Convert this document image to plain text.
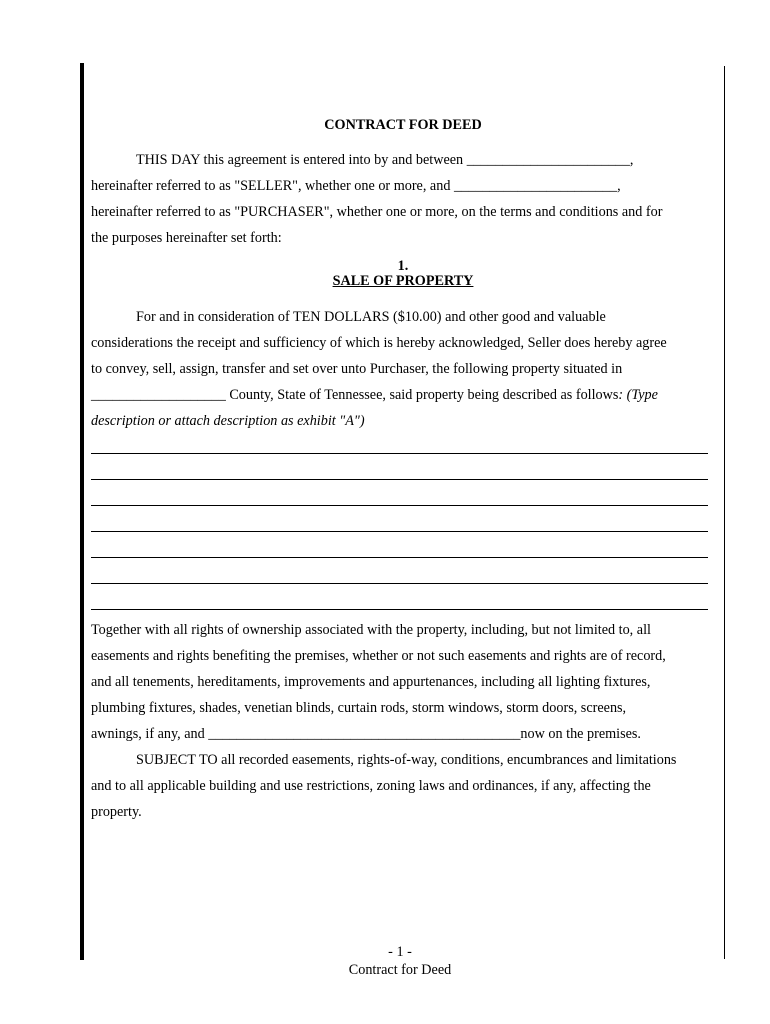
CONTRACT FOR DEED
THIS DAY this agreement is entered into by and between _______________________,
hereinafter referred to as "SELLER", whether one or more, and _______________________,
hereinafter referred to as "PURCHASER", whether one or more, on the terms and conditions and for
the purposes hereinafter set forth:
1.
SALE OF PROPERTY
For and in consideration of TEN DOLLARS ($10.00) and other good and valuable
considerations the receipt and sufficiency of which is hereby acknowledged, Seller does hereby agree
to convey, sell, assign, transfer and set over unto Purchaser, the following property situated in
___________________ County, State of Tennessee, said property being described as follows: (Type
description or attach description as exhibit "A")
Together with all rights of ownership associated with the property, including, but not limited to, all
easements and rights benefiting the premises, whether or not such easements and rights are of record,
and all tenements, hereditaments, improvements and appurtenances, including all lighting fixtures,
plumbing fixtures, shades, venetian blinds, curtain rods, storm windows, storm doors, screens,
awnings, if any, and ____________________________________________now on the premises.
SUBJECT TO all recorded easements, rights-of-way, conditions, encumbrances and limitations
and to all applicable building and use restrictions, zoning laws and ordinances, if any, affecting the
property.
- 1 -
Contract for Deed
